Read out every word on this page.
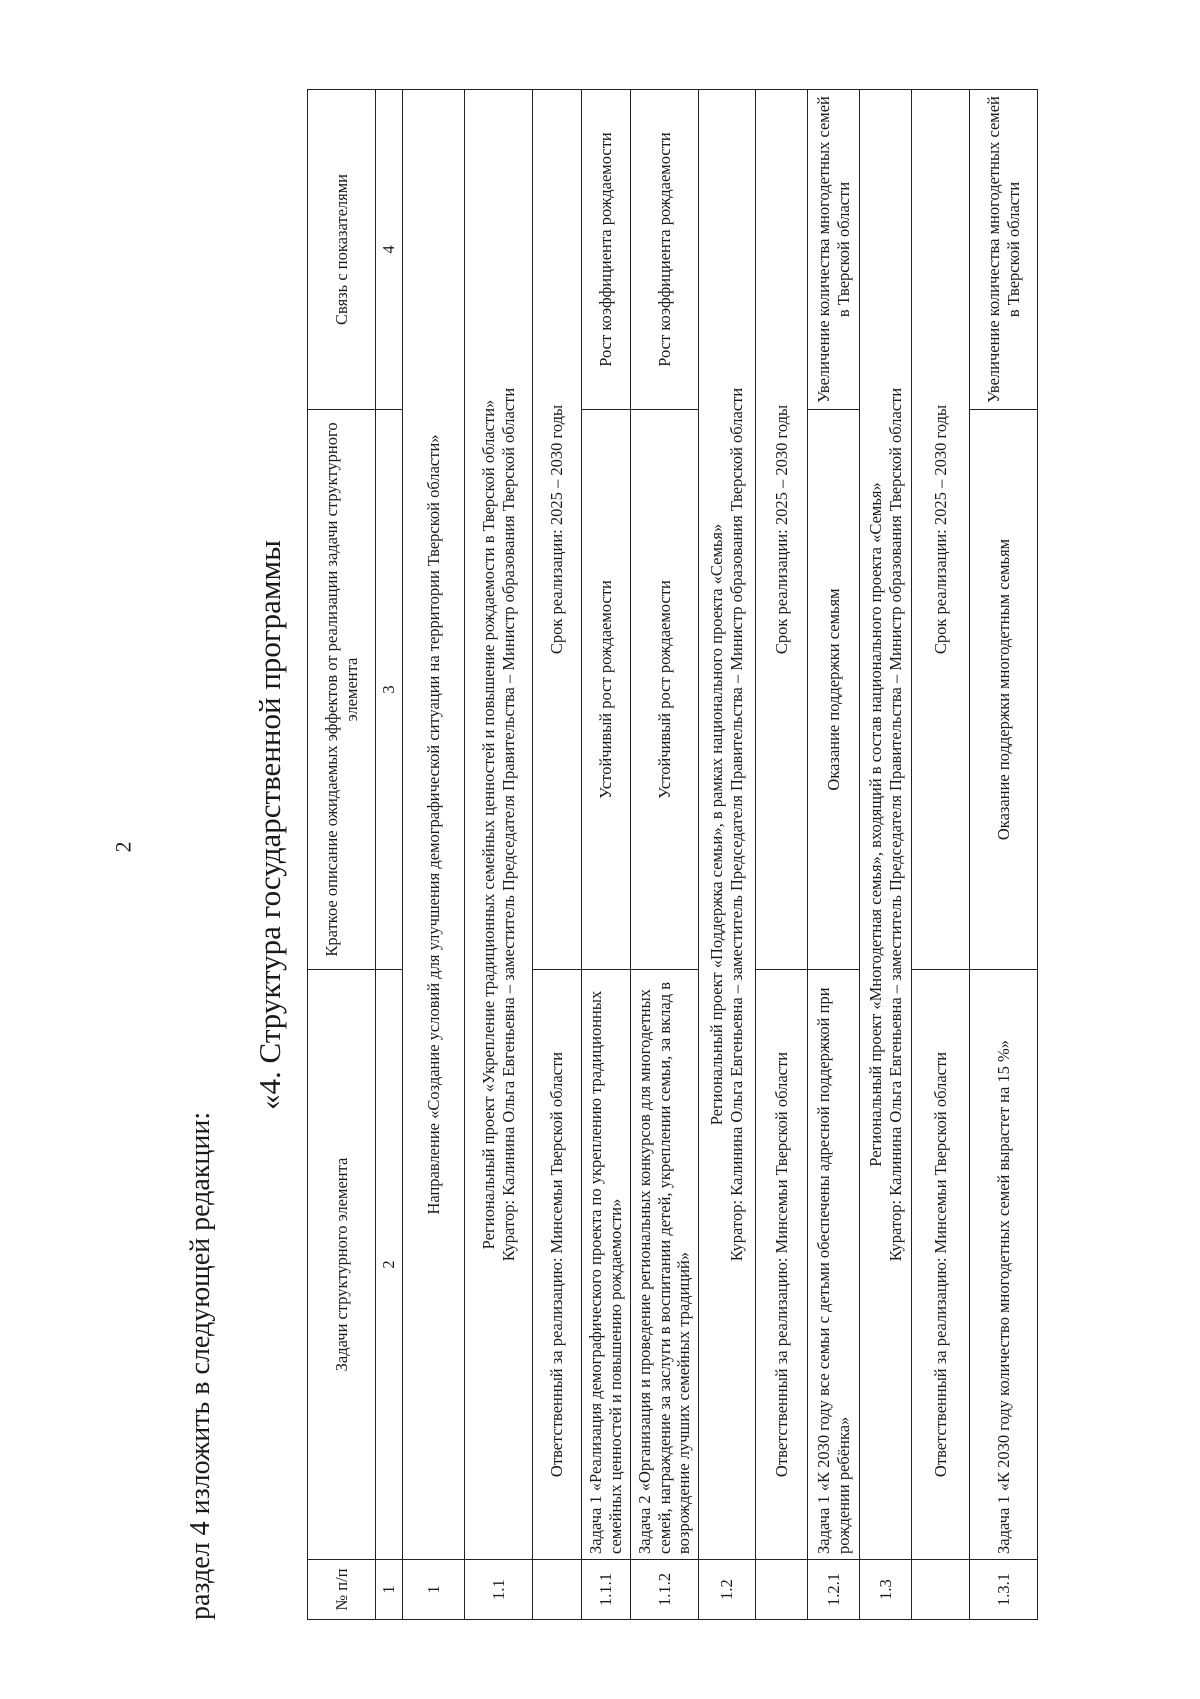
2
раздел 4 изложить в следующей редакции:
«4. Структура государственной программы
№ п/п	Задачи структурного элемента	Краткое описание ожидаемых эффектов от реализации задачи структурного элемента	Связь с показателями
1	2	3	4
1	Направление «Создание условий для улучшения демографической ситуации на территории Тверской области»		
1.1	Региональный проект «Укрепление традиционных семейных ценностей и повышение рождаемости в Тверской области» Куратор: Калинина Ольга Евгеньевна – заместитель Председателя Правительства – Министр образования Тверской области		

	Ответственный за реализацию: Минсемьи Тверской области	Срок реализации: 2025 – 2030 годы	
1.1.1	Задача 1 «Реализация демографического проекта по укреплению традиционных семейных ценностей и повышению рождаемости»	Устойчивый рост рождаемости	Рост коэффициента рождаемости
1.1.2	Задача 2 «Организация и проведение региональных конкурсов для многодетных семей, награждение за заслуги в воспитании детей, укреплении семьи, за вклад в возрождение лучших семейных традиций»	Устойчивый рост рождаемости	Рост коэффициента рождаемости
1.2	Региональный проект «Поддержка семьи», в рамках национального проекта «Семья» Куратор: Калинина Ольга Евгеньевна – заместитель Председателя Правительства – Министр образования Тверской области		

	Ответственный за реализацию: Минсемьи Тверской области	Срок реализации: 2025 – 2030 годы	
1.2.1	Задача 1 «К 2030 году все семьи с детьми обеспечены адресной поддержкой при рождении ребёнка»	Оказание поддержки семьям	Увеличение количества многодетных семей в Тверской области
1.3	Региональный проект «Многодетная семья», входящий в состав национального проекта «Семья» Куратор: Калинина Ольга Евгеньевна – заместитель Председателя Правительства – Министр образования Тверской области		

	Ответственный за реализацию: Минсемьи Тверской области	Срок реализации: 2025 – 2030 годы	
1.3.1	Задача 1 «К 2030 году количество многодетных семей вырастет на 15 %»	Оказание поддержки многодетным семьям	Увеличение количества многодетных семей в Тверской области
